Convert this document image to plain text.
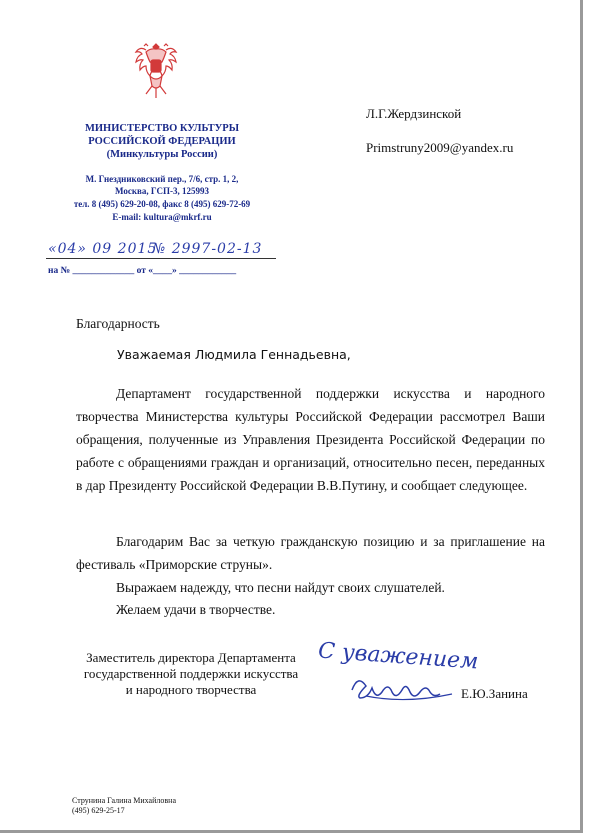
МИНИСТЕРСТВО КУЛЬТУРЫ
РОССИЙСКОЙ ФЕДЕРАЦИИ
(Минкультуры России)
М. Гнездниковский пер., 7/6, стр. 1, 2,
Москва, ГСП-3, 125993
тел. 8 (495) 629-20-08, факс 8 (495) 629-72-69
E-mail: kultura@mkrf.ru
«04» 09 2015
№ 2997-02-13
на № _____________ от «____» ____________
Л.Г.Жердзинской
Primstruny2009@yandex.ru
Благодарность
Уважаемая Людмила Геннадьевна,
Департамент государственной поддержки искусства и народного творчества Министерства культуры Российской Федерации рассмотрел Ваши обращения, полученные из Управления Президента Российской Федерации по работе с обращениями граждан и организаций, относительно песен, переданных в дар Президенту Российской Федерации В.В.Путину, и сообщает следующее.
Благодарим Вас за четкую гражданскую позицию и за приглашение на фестиваль «Приморские струны».
Выражаем надежду, что песни найдут своих слушателей.
Желаем удачи в творчестве.
Заместитель директора Департамента
государственной поддержки искусства
и народного творчества
С уважением
Е.Ю.Занина
Струнина Галина Михайловна
(495) 629-25-17
